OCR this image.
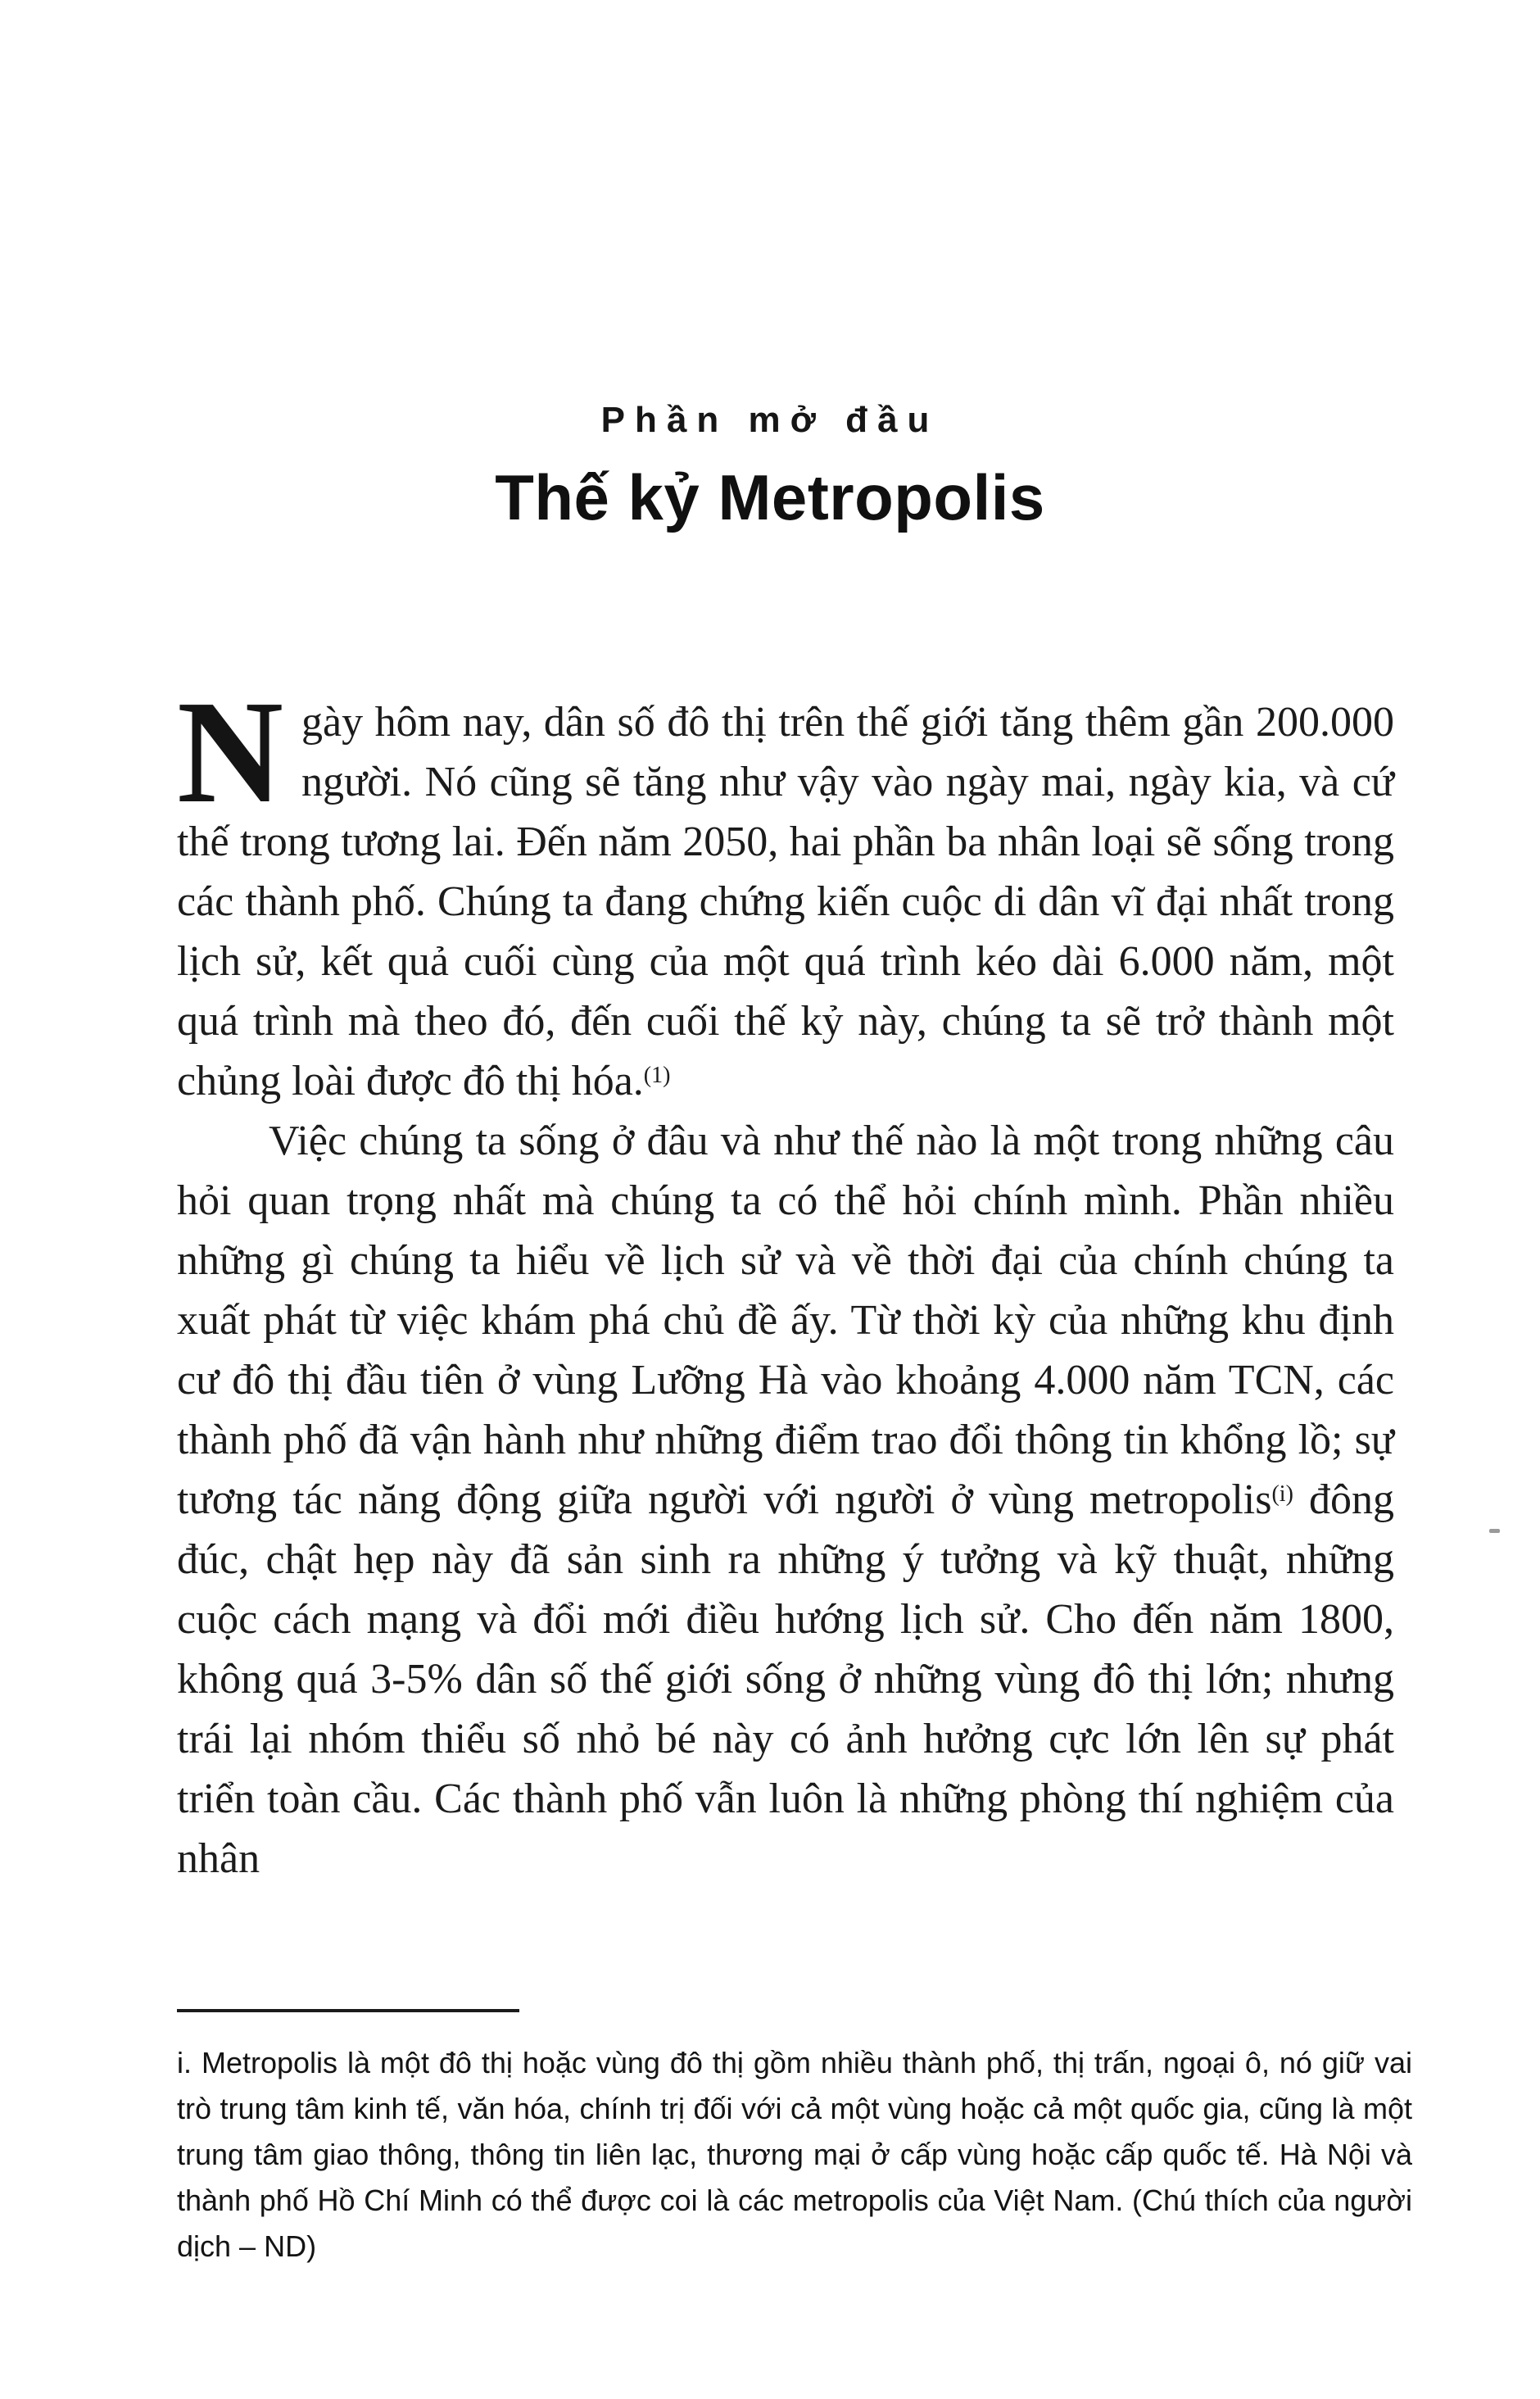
Phần mở đầu
Thế kỷ Metropolis

Ngày hôm nay, dân số đô thị trên thế giới tăng thêm gần 200.000 người. Nó cũng sẽ tăng như vậy vào ngày mai, ngày kia, và cứ thế trong tương lai. Đến năm 2050, hai phần ba nhân loại sẽ sống trong các thành phố. Chúng ta đang chứng kiến cuộc di dân vĩ đại nhất trong lịch sử, kết quả cuối cùng của một quá trình kéo dài 6.000 năm, một quá trình mà theo đó, đến cuối thế kỷ này, chúng ta sẽ trở thành một chủng loài được đô thị hóa.$^{(1)}$

Việc chúng ta sống ở đâu và như thế nào là một trong những câu hỏi quan trọng nhất mà chúng ta có thể hỏi chính mình. Phần nhiều những gì chúng ta hiểu về lịch sử và về thời đại của chính chúng ta xuất phát từ việc khám phá chủ đề ấy. Từ thời kỳ của những khu định cư đô thị đầu tiên ở vùng Lưỡng Hà vào khoảng 4.000 năm TCN, các thành phố đã vận hành như những điểm trao đổi thông tin khổng lồ; sự tương tác năng động giữa người với người ở vùng metropolis$^{(i)}$ đông đúc, chật hẹp này đã sản sinh ra những ý tưởng và kỹ thuật, những cuộc cách mạng và đổi mới điều hướng lịch sử. Cho đến năm 1800, không quá 3-5% dân số thế giới sống ở những vùng đô thị lớn; nhưng trái lại nhóm thiểu số nhỏ bé này có ảnh hưởng cực lớn lên sự phát triển toàn cầu. Các thành phố vẫn luôn là những phòng thí nghiệm của nhân

i. Metropolis là một đô thị hoặc vùng đô thị gồm nhiều thành phố, thị trấn, ngoại ô, nó giữ vai trò trung tâm kinh tế, văn hóa, chính trị đối với cả một vùng hoặc cả một quốc gia, cũng là một trung tâm giao thông, thông tin liên lạc, thương mại ở cấp vùng hoặc cấp quốc tế. Hà Nội và thành phố Hồ Chí Minh có thể được coi là các metropolis của Việt Nam. (Chú thích của người dịch – ND)
